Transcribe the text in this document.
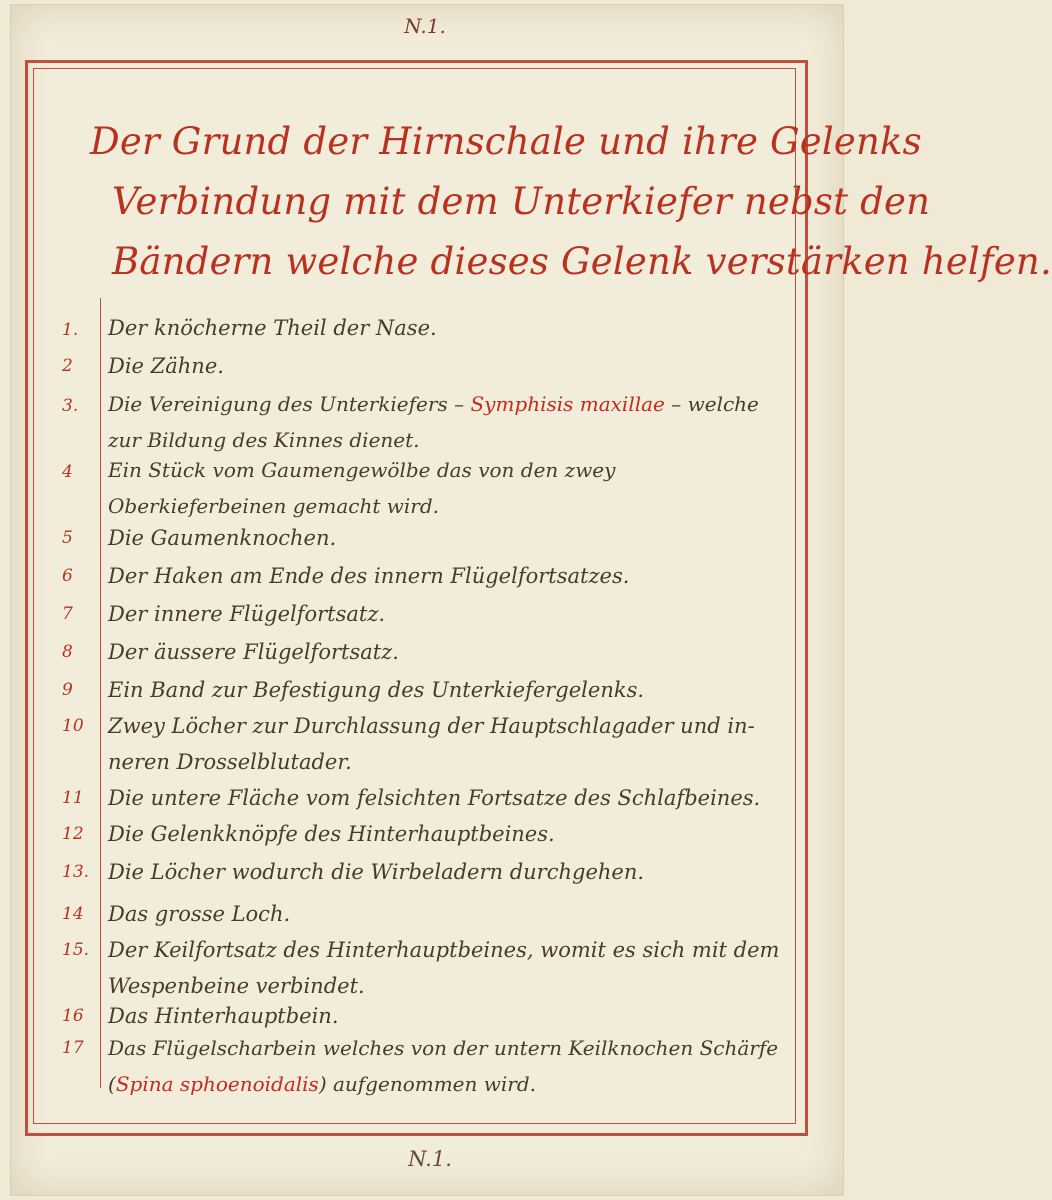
N.1.
Der Grund der Hirnschale und ihre Gelenks
Verbindung mit dem Unterkiefer nebst den
Bändern welche dieses Gelenk verstärken helfen.
1.	Der knöcherne Theil der Nase.
2	Die Zähne.
3.	Die Vereinigung des Unterkiefers – Symphisis maxillae – welche zur Bildung des Kinnes dienet.
4	Ein Stück vom Gaumengewölbe das von den zwey Oberkieferbeinen gemacht wird.
5	Die Gaumenknochen.
6	Der Haken am Ende des innern Flügelfortsatzes.
7	Der innere Flügelfortsatz.
8	Der äussere Flügelfortsatz.
9	Ein Band zur Befestigung des Unterkiefergelenks.
10	Zwey Löcher zur Durchlassung der Hauptschlagader und in- neren Drosselblutader.
11	Die untere Fläche vom felsichten Fortsatze des Schlafbeines.
12	Die Gelenkknöpfe des Hinterhauptbeines.
13. Die Löcher wodurch die Wirbeladern durchgehen.
14	Das grosse Loch.
15. Der Keilfortsatz des Hinterhauptbeines, womit es sich mit dem Wespenbeine verbindet.
16	Das Hinterhauptbein.
17	Das Flügelscharbein welches von der untern Keilknochen Schärfe (Spina sphoenoidalis) aufgenommen wird.
N.1.
